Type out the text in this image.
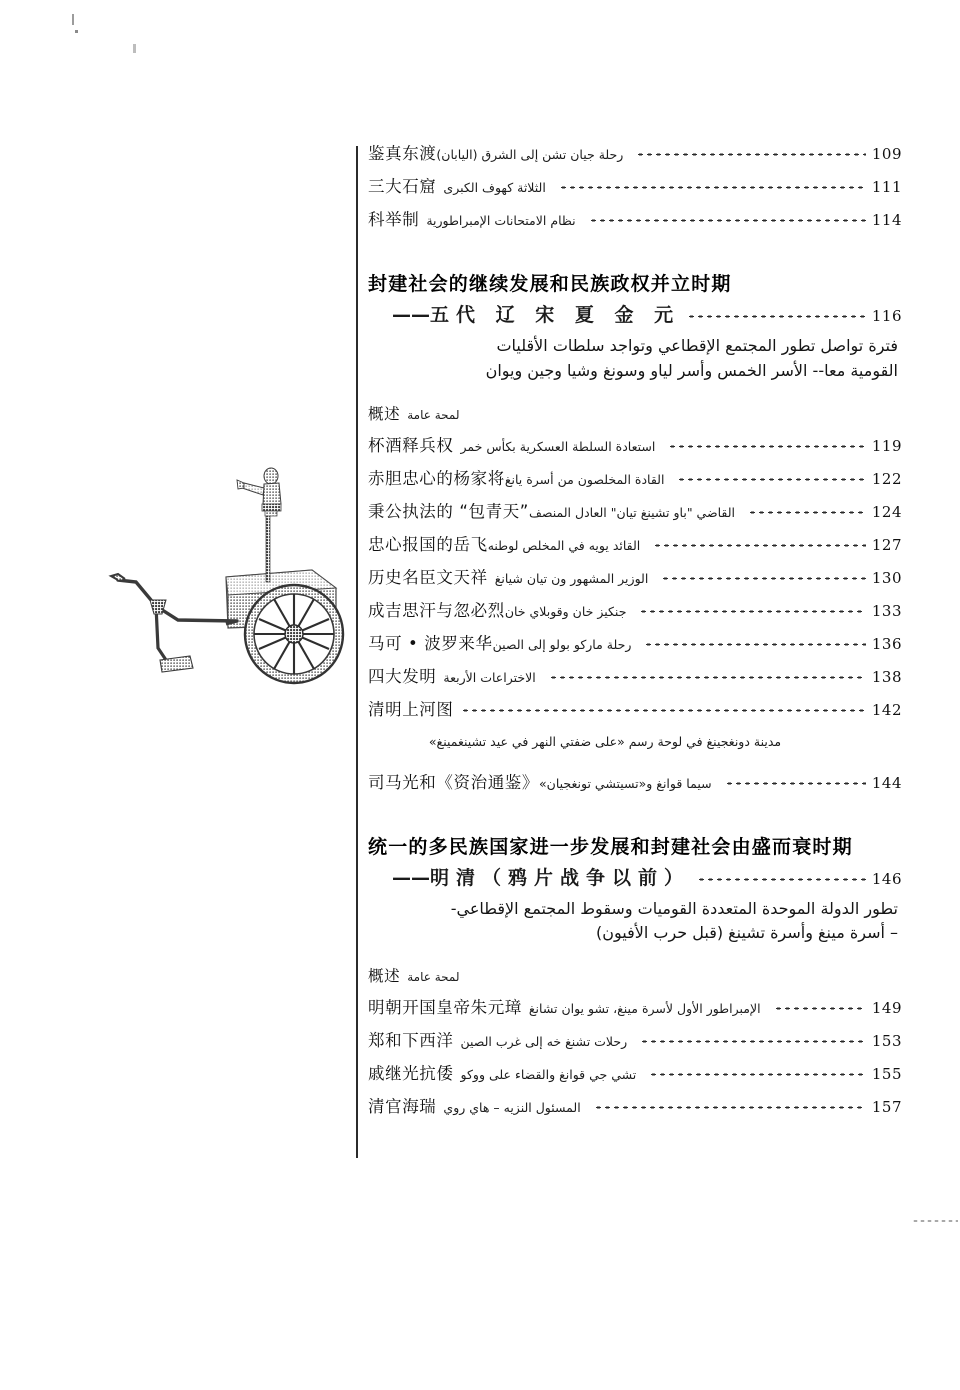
鉴真东渡 رحلة جيان تشن إلى الشرق (اليابان)	109
三大石窟 الثلاثة كهوف الكبرى	111
科举制 نظام الامتحانات الإمبراطورية	114
封建社会的继续发展和民族政权并立时期
—— 五代 辽 宋 夏 金 元	116
فترة تواصل تطور المجتمع الإقطاعي وتواجد سلطات الأقليات
القومية معا-- الأسر الخمس وأسر لياو وسونغ وشيا وجين ويوان
概述 لمحة عامة
杯酒释兵权 استعادة السلطة العسكرية بكأس خمر	119
赤胆忠心的杨家将 القادة المخلصون من أسرة يانغ	122
秉公执法的 “包青天” القاضي "باو تشينغ تيان" العادل المنصف	124
忠心报国的岳飞 القائد يويه في المخلص لوطنه	127
历史名臣文天祥 الوزير المشهور ون تيان شيانغ	130
成吉思汗与忽必烈 جنكيز خان وقوبلاي خان	133
马可 • 波罗来华 رحلة ماركو بولو إلى الصين	136
四大发明 الاختراعات الأربعة	138
清明上河图	142
مدينة دونغجينغ في لوحة رسم «على ضفتي النهر في عيد تشينغمينغ»
司马光和《资治通鉴》 سيما قوانغ و«تسيتشي تونغجيان»	144
统一的多民族国家进一步发展和封建社会由盛而衰时期
—— 明清（鸦片战争以前）	146
تطور الدولة الموحدة المتعددة القوميات وسقوط المجتمع الإقطاعي-
– أسرة مينغ وأسرة تشينغ (قبل حرب الأفيون)
概述 لمحة عامة
明朝开国皇帝朱元璋 الإمبراطور الأول لأسرة مينغ، تشو يوان تشانغ	149
郑和下西洋 رحلات تشنغ خه إلى غرب الصين	153
戚继光抗倭 تشي جي قوانغ والقضاء على ووكو	155
清官海瑞 المسئول النزيه – هاي روي	157
